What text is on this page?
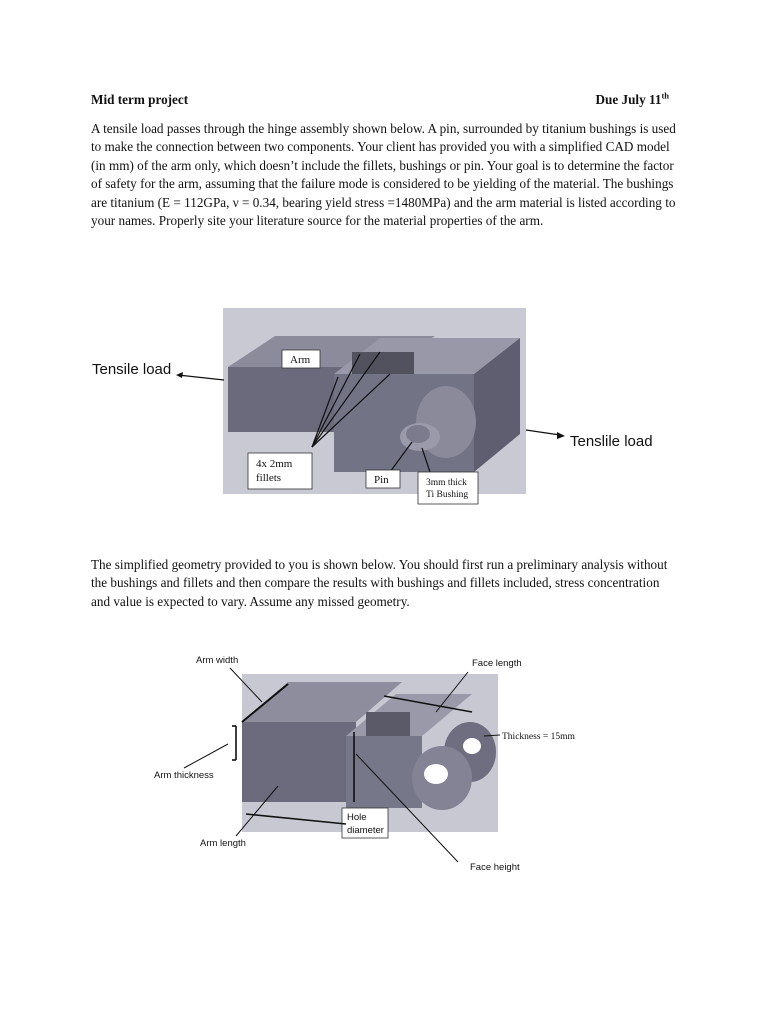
Mid term project	Due July 11th

A tensile load passes through the hinge assembly shown below. A pin, surrounded by titanium bushings is used to make the connection between two components. Your client has provided you with a simplified CAD model (in mm) of the arm only, which doesn’t include the fillets, bushings or pin. Your goal is to determine the factor of safety for the arm, assuming that the failure mode is considered to be yielding of the material. The bushings are titanium (E = 112GPa, ν = 0.34, bearing yield stress =1480MPa) and the arm material is listed according to your names. Properly site your literature source for the material properties of the arm.

Tensile load
Tenslile load
Arm
4x 2mm
fillets	Pin	3mm thick
Ti Bushing

The simplified geometry provided to you is shown below. You should first run a preliminary analysis without the bushings and fillets and then compare the results with bushings and fillets included, stress concentration and value is expected to vary. Assume any missed geometry.

Arm width	Face length
Thickness = 15mm
Arm thickness
Hole
diameter
Arm length
Face height
